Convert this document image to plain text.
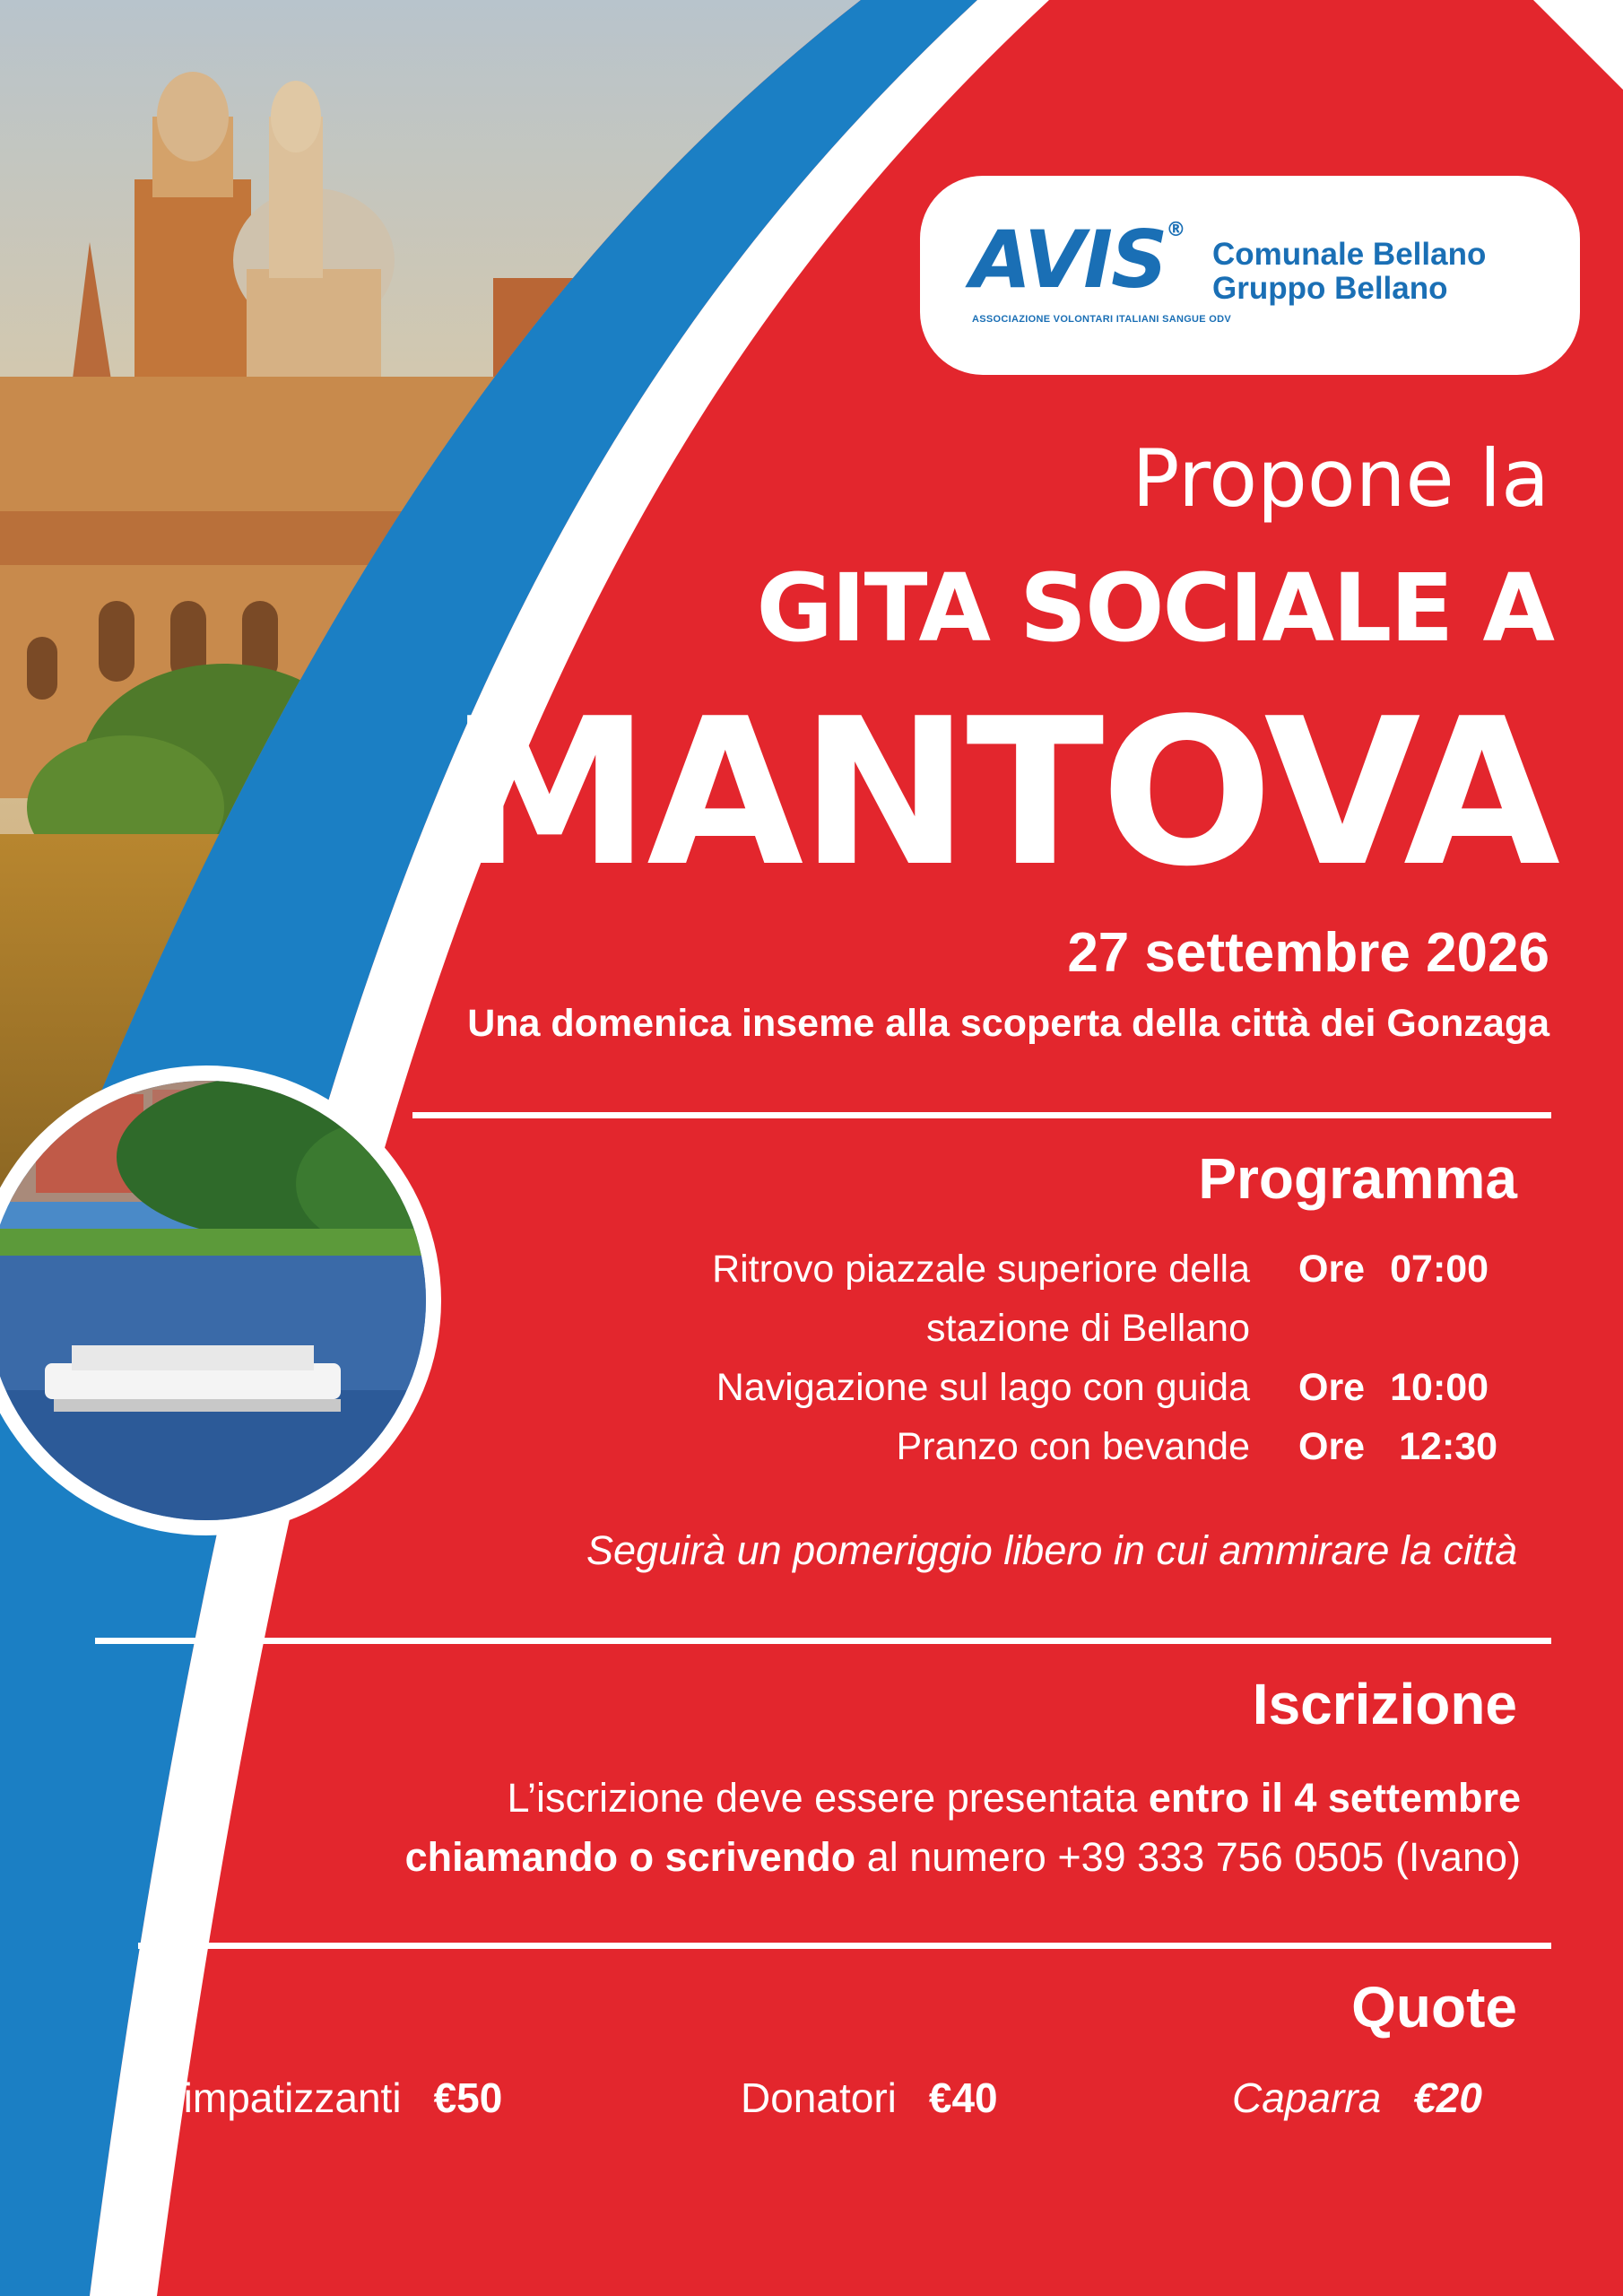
AVIS®
ASSOCIAZIONE VOLONTARI ITALIANI SANGUE ODV
Comunale Bellano
Gruppo Bellano
Propone la
GITA SOCIALE A
MANTOVA
27 settembre 2026
Una domenica inseme alla scoperta della città dei Gonzaga
Programma
Ritrovo piazzale superiore della
stazione di Bellano
Ore 07:00
Navigazione sul lago con guida Ore 10:00
Pranzo con bevande Ore 12:30
Seguirà un pomeriggio libero in cui ammirare la città
Iscrizione
L’iscrizione deve essere presentata entro il 4 settembre
chiamando o scrivendo al numero +39 333 756 0505 (Ivano)
Quote
Simpatizzanti €50	Donatori €40	Caparra €20
